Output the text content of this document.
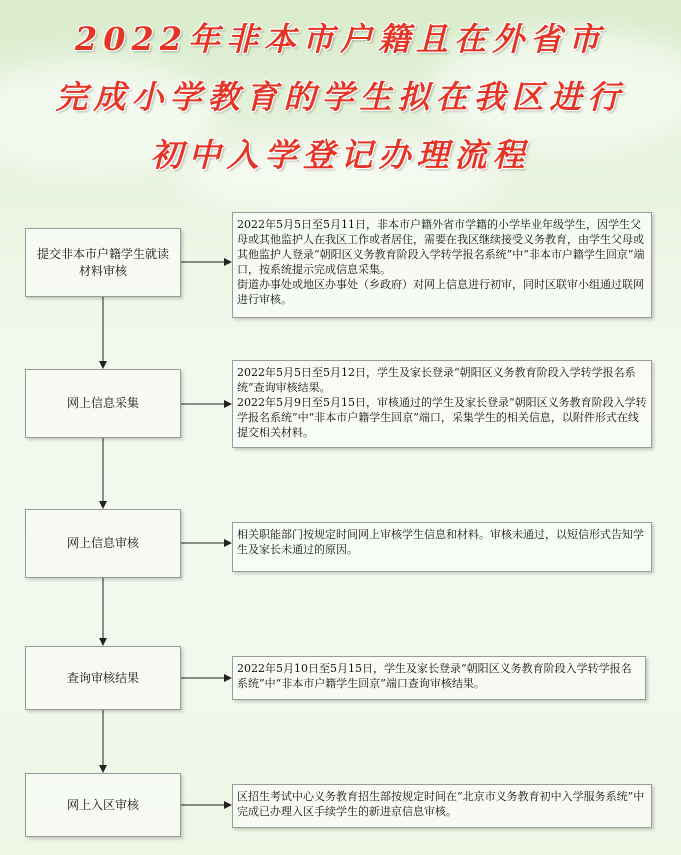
2022年非本市户籍且在外省市
完成小学教育的学生拟在我区进行
初中入学登记办理流程
提交非本市户籍学生就读材料审核

2022年5月5日至5月11日，非本市户籍外省市学籍的小学毕业年级学生，因学生父母或其他监护人在我区工作或者居住，需要在我区继续接受义务教育，由学生父母或其他监护人登录“朝阳区义务教育阶段入学转学报名系统”中“非本市户籍学生回京”端口，按系统提示完成信息采集。

街道办事处或地区办事处（乡政府）对网上信息进行初审，同时区联审小组通过联网进行审核。

网上信息采集

2022年5月5日至5月12日，学生及家长登录“朝阳区义务教育阶段入学转学报名系统”查询审核结果。

2022年5月9日至5月15日，审核通过的学生及家长登录“朝阳区义务教育阶段入学转学报名系统”中“非本市户籍学生回京”端口，采集学生的相关信息，以附件形式在线提交相关材料。

网上信息审核

相关职能部门按规定时间网上审核学生信息和材料。审核未通过，以短信形式告知学生及家长未通过的原因。

查询审核结果

2022年5月10日至5月15日，学生及家长登录“朝阳区义务教育阶段入学转学报名系统”中“非本市户籍学生回京”端口查询审核结果。

网上入区审核

区招生考试中心义务教育招生部按规定时间在“北京市义务教育初中入学服务系统”中完成已办理入区手续学生的新进京信息审核。
